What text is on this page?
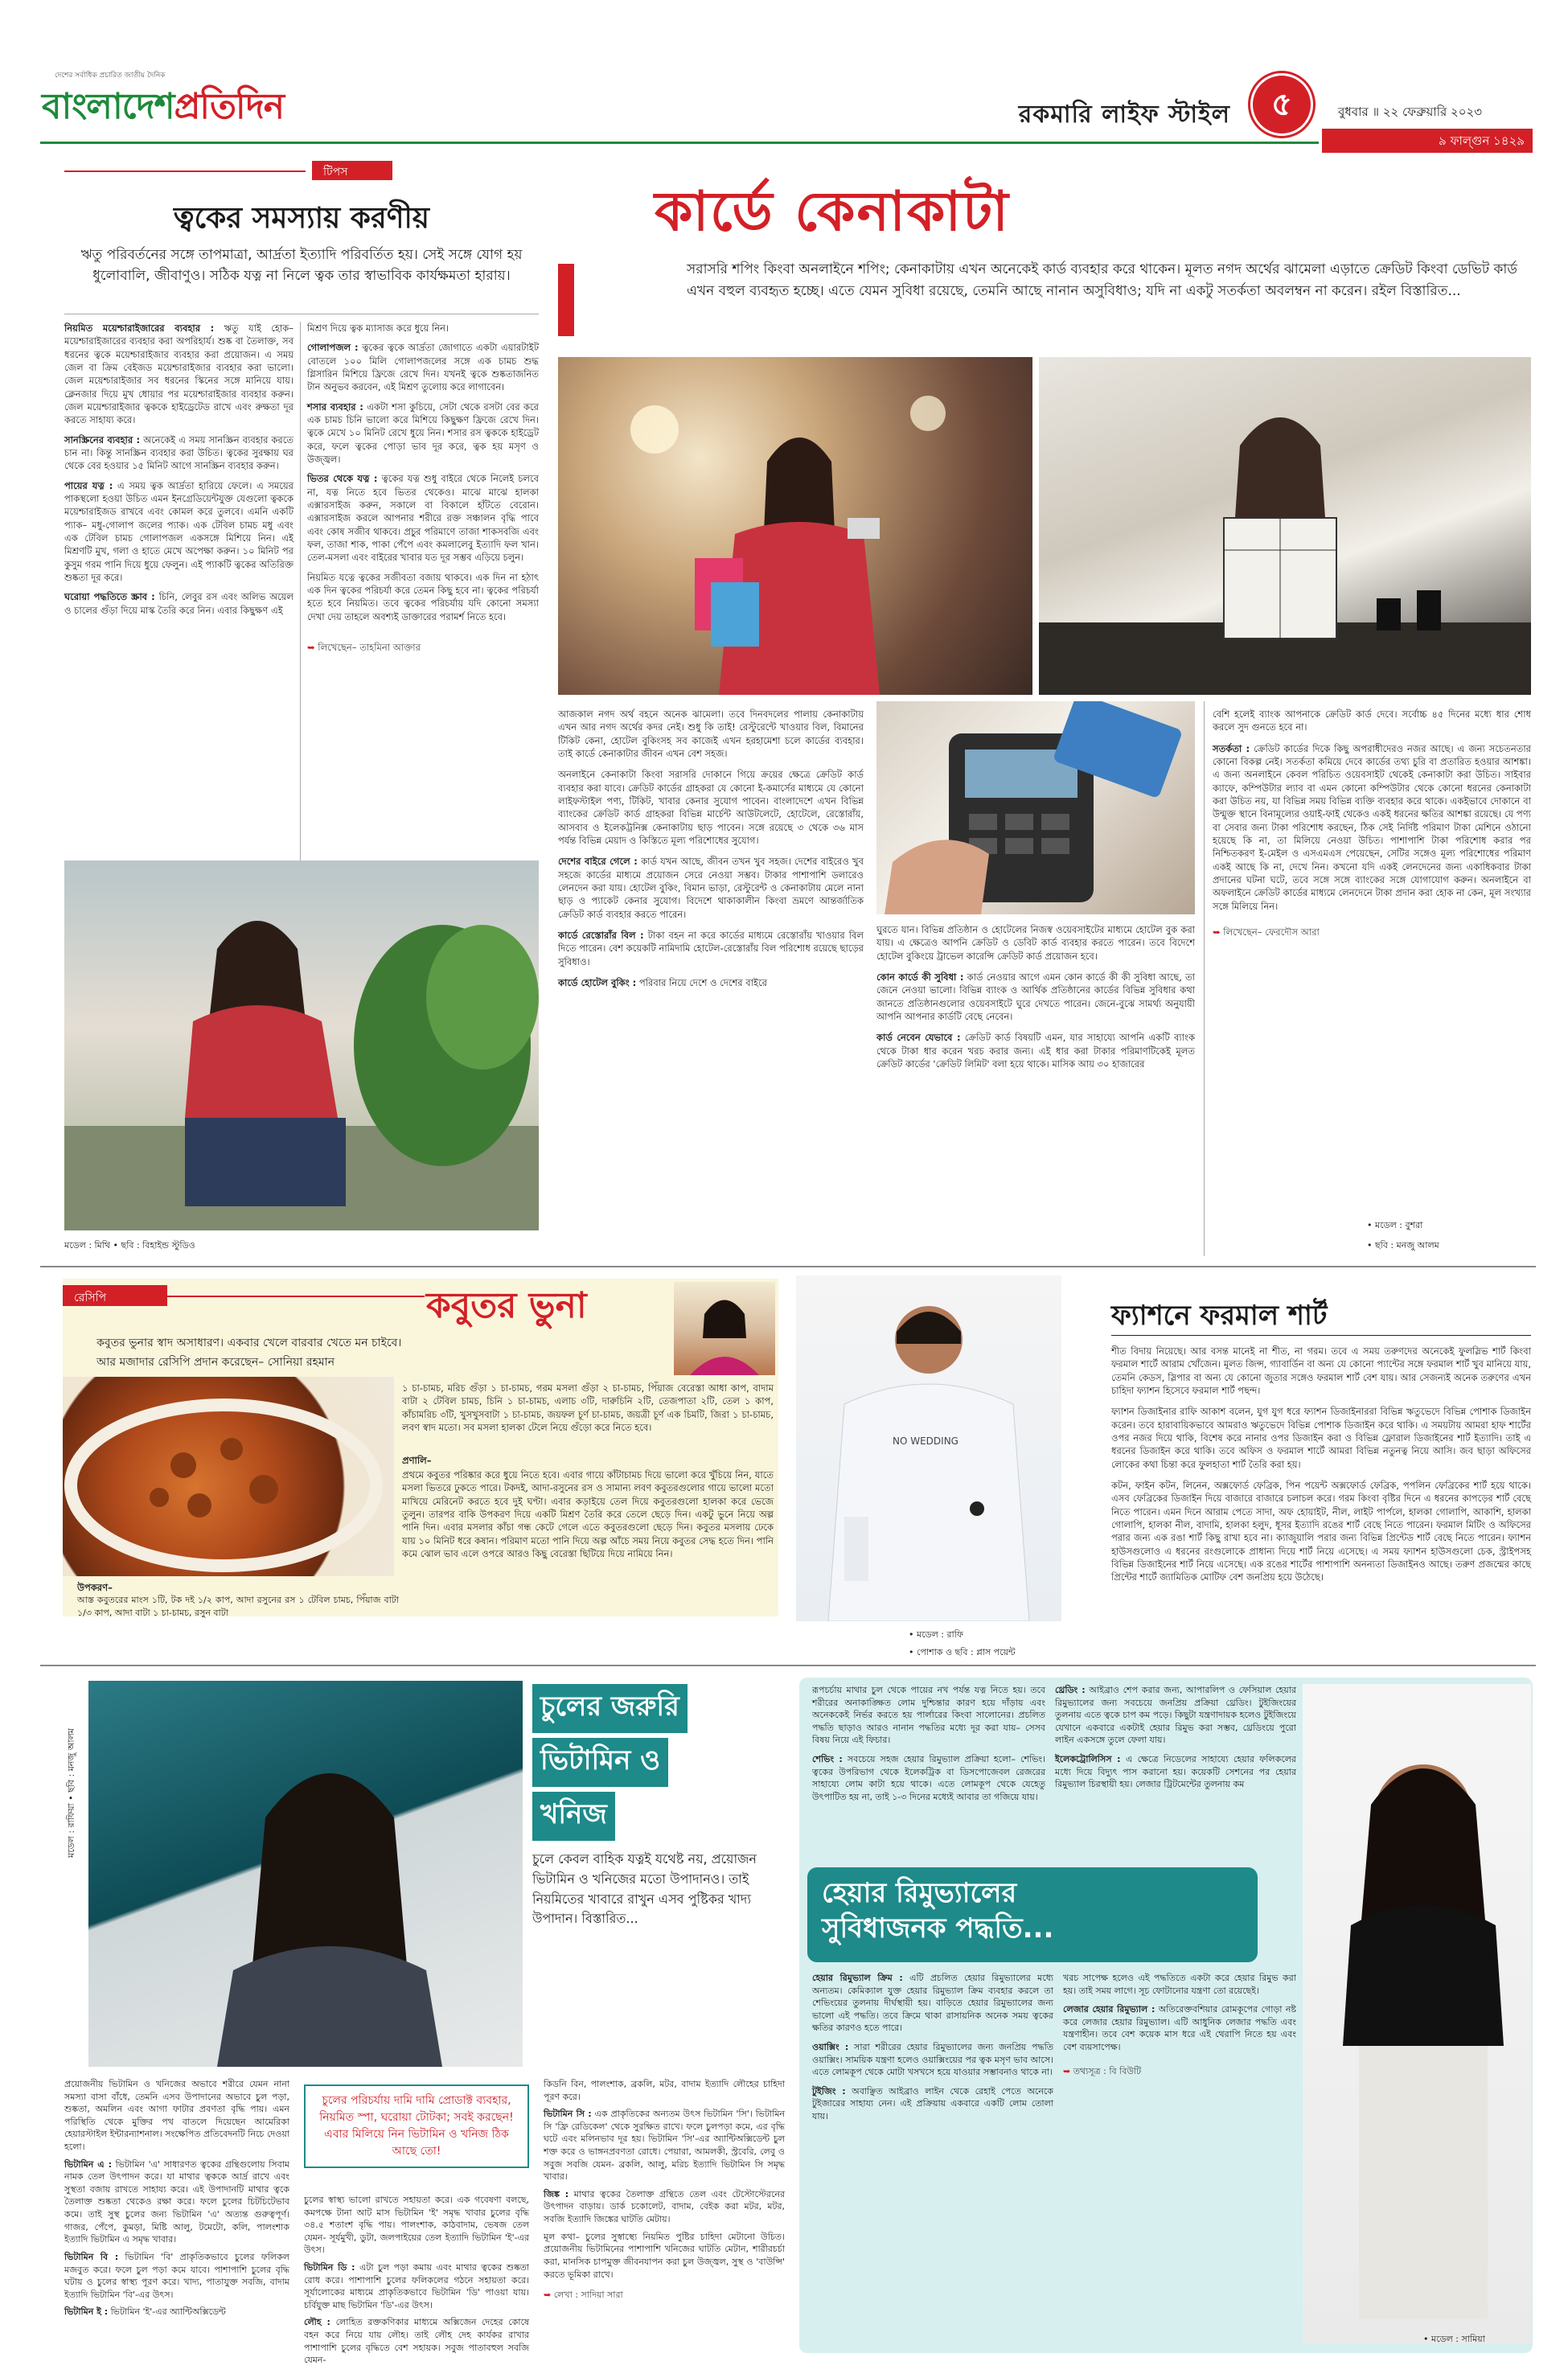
দেশের সর্বাধিক প্রচারিত জাতীয় দৈনিক
বাংলাদেশপ্রতিদিন	রকমারি লাইফ স্টাইল	৫	বুধবার ॥ ২২ ফেব্রুয়ারি ২০২৩
৯ ফাল্গুন ১৪২৯
টিপস
ত্বকের সমস্যায় করণীয়
ঋতু পরিবর্তনের সঙ্গে তাপমাত্রা, আর্দ্রতা ইত্যাদি পরিবর্তিত হয়। সেই সঙ্গে যোগ হয় ধুলোবালি, জীবাণুও। সঠিক যত্ন না নিলে ত্বক তার স্বাভাবিক কার্যক্ষমতা হারায়।

নিয়মিত ময়েশ্চারাইজারের ব্যবহার : ঋতু যাই হোক– ময়েশ্চারাইজারের ব্যবহার করা অপরিহার্য। শুষ্ক বা তৈলাক্ত, সব ধরনের ত্বকে ময়েশ্চারাইজার ব্যবহার করা প্রয়োজন। এ সময় জেল বা ক্রিম বেইজড ময়েশ্চারাইজার ব্যবহার করা ভালো। জেল ময়েশ্চারাইজার সব ধরনের স্কিনের সঙ্গে মানিয়ে যায়। ক্লেনজার দিয়ে মুখ ধোয়ার পর ময়েশ্চারাইজার ব্যবহার করুন। জেল ময়েশ্চারাইজার ত্বককে হাইড্রেটেড রাখে এবং রুক্ষতা দূর করতে সাহায্য করে।

সানস্ক্রিনের ব্যবহার : অনেকেই এ সময় সানস্ক্রিন ব্যবহার করতে চান না। কিন্তু সানস্ক্রিন ব্যবহার করা উচিত। ত্বকের সুরক্ষায় ঘর থেকে বের হওয়ার ১৫ মিনিট আগে সানস্ক্রিন ব্যবহার করুন।

পায়ের যত্ন : এ সময় ত্বক আর্দ্রতা হারিয়ে ফেলে। এ সময়ের পাকস্থলো হওয়া উচিত এমন ইনগ্রেডিয়েন্টযুক্ত যেগুলো ত্বককে ময়েশ্চারাইজড রাখবে এবং কোমল করে তুলবে। এমনি একটি প্যাক– মধু-গোলাপ জলের প্যাক। এক টেবিল চামচ মধু এবং এক টেবিল চামচ গোলাপজল একসঙ্গে মিশিয়ে নিন। এই মিশ্রণটি মুখ, গলা ও হাতে মেখে অপেক্ষা করুন। ১০ মিনিট পর কুসুম গরম পানি দিয়ে ধুয়ে ফেলুন। এই প্যাকটি ত্বকের অতিরিক্ত শুষ্কতা দূর করে।

ঘরোয়া পদ্ধতিতে স্ক্রাব : চিনি, লেবুর রস এবং অলিভ অয়েল ও চালের গুঁড়া দিয়ে মাস্ক তৈরি করে নিন। এবার কিছুক্ষণ এই

মিশ্রণ দিয়ে ত্বক ম্যাসাজ করে ধুয়ে নিন।

গোলাপজল : ত্বকের ত্বকে আর্দ্রতা জোগাতে একটা এয়ারটাইট বোতলে ১০০ মিলি গোলাপজলের সঙ্গে এক চামচ শুদ্ধ গ্লিসারিন মিশিয়ে ফ্রিজে রেখে দিন। যখনই ত্বকে শুষ্কতাজনিত টান অনুভব করবেন, এই মিশ্রণ তুলোয় করে লাগাবেন।

শসার ব্যবহার : একটা শসা কুচিয়ে, সেটা থেকে রসটা বের করে এক চামচ চিনি ভালো করে মিশিয়ে কিছুক্ষণ ফ্রিজে রেখে দিন। ত্বকে মেখে ১০ মিনিট রেখে ধুয়ে নিন। শসার রস ত্বককে হাইড্রেট করে, ফলে ত্বকের পোড়া ভাব দূর করে, ত্বক হয় মসৃণ ও উজ্জ্বল।

ভিতর থেকে যত্ন : ত্বকের যত্ন শুধু বাইরে থেকে নিলেই চলবে না, যত্ন নিতে হবে ভিতর থেকেও। মাঝে মাঝে হালকা এক্সারসাইজ করুন, সকালে বা বিকালে হাঁটতে বেরোন। এক্সারসাইজ করলে আপনার শরীরে রক্ত সঞ্চালন বৃদ্ধি পাবে এবং কোষ সজীব থাকবে। প্রচুর পরিমাণে তাজা শাকসবজি এবং ফল, তাজা শাক, পাকা পেঁপে এবং কমলালেবু ইত্যাদি ফল খান। তেল-মসলা এবং বাইরের খাবার যত দূর সম্ভব এড়িয়ে চলুন।

নিয়মিত যত্নে ত্বকের সজীবতা বজায় থাকবে। এক দিন না হঠাৎ এক দিন ত্বকের পরিচর্যা করে তেমন কিছু হবে না। ত্বকের পরিচর্যা হতে হবে নিয়মিত। তবে ত্বকের পরিচর্যায় যদি কোনো সমস্যা দেখা দেয় তাহলে অবশ্যই ডাক্তারের পরামর্শ নিতে হবে।

➥ লিখেছেন– তাহমিনা আক্তার

মডেল : মিথি • ছবি : বিহাইন্ড স্টুডিও
কার্ডে কেনাকাটা
সরাসরি শপিং কিংবা অনলাইনে শপিং; কেনাকাটায় এখন অনেকেই কার্ড ব্যবহার করে থাকেন। মূলত নগদ অর্থের ঝামেলা এড়াতে ক্রেডিট কিংবা ডেভিট কার্ড এখন বহুল ব্যবহৃত হচ্ছে। এতে যেমন সুবিধা রয়েছে, তেমনি আছে নানান অসুবিধাও; যদি না একটু সতর্কতা অবলম্বন না করেন। রইল বিস্তারিত...

আজকাল নগদ অর্থ বহনে অনেক ঝামেলা। তবে দিনবদলের পালায় কেনাকাটায় এখন আর নগদ অর্থের কদর নেই। শুধু কি তাই! রেস্টুরেন্টে খাওয়ার বিল, বিমানের টিকিট কেনা, হোটেল বুকিংসহ সব কাজেই এখন হরহামেশা চলে কার্ডের ব্যবহার। তাই কার্ডে কেনাকাটার জীবন এখন বেশ সহজ।

অনলাইনে কেনাকাটা কিংবা সরাসরি দোকানে গিয়ে ক্রয়ের ক্ষেত্রে ক্রেডিট কার্ড ব্যবহার করা যাবে। ক্রেডিট কার্ডের গ্রাহকরা যে কোনো ই-কমার্সের মাধ্যমে যে কোনো লাইফস্টাইল পণ্য, টিকিট, খাবার কেনার সুযোগ পাবেন। বাংলাদেশে এখন বিভিন্ন ব্যাংকের ক্রেডিট কার্ড গ্রাহকরা বিভিন্ন মার্চেন্ট আউটলেটে, হোটেলে, রেস্তোরাঁয়, আসবাব ও ইলেকট্রনিক্স কেনাকাটায় ছাড় পাবেন। সঙ্গে রয়েছে ৩ থেকে ৩৬ মাস পর্যন্ত বিভিন্ন মেয়াদ ও কিস্তিতে মূল্য পরিশোধের সুযোগ।

দেশের বাইরে গেলে : কার্ড যখন আছে, জীবন তখন খুব সহজ। দেশের বাইরেও খুব সহজে কার্ডের মাধ্যমে প্রয়োজন সেরে নেওয়া সম্ভব। টাকার পাশাপাশি ডলারেও লেনদেন করা যায়। হোটেল বুকিং, বিমান ভাড়া, রেস্টুরেন্ট ও কেনাকাটায় মেলে নানা ছাড় ও প্যাকেট কেনার সুযোগ। বিদেশে থাকাকালীন কিংবা ভ্রমণে আন্তর্জাতিক ক্রেডিট কার্ড ব্যবহার করতে পারেন।

কার্ডে রেস্তোরাঁর বিল : টাকা বহন না করে কার্ডের মাধ্যমে রেস্তোরাঁয় খাওয়ার বিল দিতে পারেন। বেশ কয়েকটি নামিদামি হোটেল-রেস্তোরাঁয় বিল পরিশোধ রয়েছে ছাড়ের সুবিধাও।

কার্ডে হোটেল বুকিং : পরিবার নিয়ে দেশে ও দেশের বাইরে

ঘুরতে যান। বিভিন্ন প্রতিষ্ঠান ও হোটেলের নিজস্ব ওয়েবসাইটের মাধ্যমে হোটেল বুক করা যায়। এ ক্ষেত্রেও আপনি ক্রেডিট ও ডেবিট কার্ড ব্যবহার করতে পারেন। তবে বিদেশে হোটেল বুকিংয়ে ট্রাভেল কারেন্সি ক্রেডিট কার্ড প্রয়োজন হবে।

কোন কার্ডে কী সুবিধা : কার্ড নেওয়ার আগে এমন কোন কার্ডে কী কী সুবিধা আছে, তা জেনে নেওয়া ভালো। বিভিন্ন ব্যাংক ও আর্থিক প্রতিষ্ঠানের কার্ডের বিভিন্ন সুবিধার কথা জানতে প্রতিষ্ঠানগুলোর ওয়েবসাইটে ঘুরে দেখতে পারেন। জেনে-বুঝে সামর্থ্য অনুযায়ী আপনি আপনার কার্ডটি বেছে নেবেন।

কার্ড নেবেন যেভাবে : ক্রেডিট কার্ড বিষয়টি এমন, যার সাহায্যে আপনি একটি ব্যাংক থেকে টাকা ধার করেন খরচ করার জন্য। এই ধার করা টাকার পরিমাণটিকেই মূলত ক্রেডিট কার্ডের 'ক্রেডিট লিমিট' বলা হয়ে থাকে। মাসিক আয় ৩০ হাজারের

বেশি হলেই ব্যাংক আপনাকে ক্রেডিট কার্ড দেবে। সর্বোচ্চ ৪৫ দিনের মধ্যে ধার শোধ করলে সুদ গুনতে হবে না।

সতর্কতা : ক্রেডিট কার্ডের দিকে কিছু অপরাধীদেরও নজর আছে। এ জন্য সচেতনতার কোনো বিকল্প নেই। সতর্কতা কমিয়ে দেবে কার্ডের তথ্য চুরি বা প্রতারিত হওয়ার আশঙ্কা। এ জন্য অনলাইনে কেবল পরিচিত ওয়েবসাইট থেকেই কেনাকাটা করা উচিত। সাইবার ক্যাফে, কম্পিউটার ল্যাব বা এমন কোনো কম্পিউটার থেকে কোনো ধরনের কেনাকাটা করা উচিত নয়, যা বিভিন্ন সময় বিভিন্ন ব্যক্তি ব্যবহার করে থাকে। একইভাবে দোকানে বা উন্মুক্ত স্থানে বিনামূল্যের ওয়াই-ফাই থেকেও একই ধরনের ক্ষতির আশঙ্কা রয়েছে। যে পণ্য বা সেবার জন্য টাকা পরিশোধ করছেন, ঠিক সেই নির্দিষ্ট পরিমাণ টাকা মেশিনে ওঠানো হয়েছে কি না, তা মিলিয়ে নেওয়া উচিত। পাশাপাশি টাকা পরিশোধ করার পর নিশ্চিতকরণ ই-মেইল ও এসএমএস পেয়েছেন, সেটির সঙ্গেও মূল্য পরিশোধের পরিমাণ একই আছে কি না, দেখে নিন। কখনো যদি একই লেনদেনের জন্য একাধিকবার টাকা প্রদানের ঘটনা ঘটে, তবে সঙ্গে সঙ্গে ব্যাংকের সঙ্গে যোগাযোগ করুন। অনলাইনে বা অফলাইনে ক্রেডিট কার্ডের মাধ্যমে লেনদেনে টাকা প্রদান করা হোক না কেন, মূল সংখ্যার সঙ্গে মিলিয়ে নিন।

➥ লিখেছেন– ফেরদৌস আরা

• মডেল : বুশরা
• ছবি : মনজু আলম
রেসিপি	কবুতর ভুনা
কবুতর ভুনার স্বাদ অসাধারণ। একবার খেলে বারবার খেতে মন চাইবে।
আর মজাদার রেসিপি প্রদান করেছেন– সোনিয়া রহমান
১ চা-চামচ, মরিচ গুঁড়া ১ চা-চামচ, গরম মসলা গুঁড়া ২ চা-চামচ, পিঁয়াজ বেরেস্তা আধা কাপ, বাদাম বাটা ২ টেবিল চামচ, চিনি ১ চা-চামচ, এলাচ ৩টি, দারুচিনি ২টি, তেজপাতা ২টি, তেল ১ কাপ, কাঁচামরিচ ৩টি, খুসখুসবাটা ১ চা-চামচ, জয়ফল চূর্ণ চা-চামচ, জয়ত্রী চূর্ণ এক চিমটি, জিরা ১ চা-চামচ, লবণ স্বাদ মতো। সব মসলা হালকা টেলে নিয়ে গুঁড়ো করে নিতে হবে।
প্রণালি–
প্রথমে কবুতর পরিষ্কার করে ধুয়ে নিতে হবে। এবার গায়ে কাঁটাচামচ দিয়ে ভালো করে খুঁচিয়ে নিন, যাতে মসলা ভিতরে ঢুকতে পারে। টকদই, আদা-রসুনের রস ও সামান্য লবণ কবুতরগুলোর গায়ে ভালো মতো মাখিয়ে মেরিনেট করতে হবে দুই ঘণ্টা। এবার কড়াইয়ে তেল দিয়ে কবুতরগুলো হালকা করে ভেজে তুলুন। তারপর বাকি উপকরণ দিয়ে একটি মিশ্রণ তৈরি করে তেলে ছেড়ে দিন। একটু ভুনে নিয়ে অল্প পানি দিন। এবার মসলার কাঁচা গন্ধ কেটে গেলে এতে কবুতরগুলো ছেড়ে দিন। কবুতর মসলায় ঢেকে যায় ১০ মিনিট ধরে কষান। পরিমাণ মতো পানি দিয়ে অল্প আঁচে সময় নিয়ে কবুতর সেদ্ধ হতে দিন। পানি কমে ঝোল ভাব এলে ওপরে আরও কিছু বেরেস্তা ছিটিয়ে দিয়ে নামিয়ে নিন।
উপকরণ–
আস্ত কবুতরের মাংস ১টি, টক দই ১/২ কাপ, আদা রসুনের রস ১ টেবিল চামচ, পিঁয়াজ বাটা ১/৩ কাপ, আদা বাটা ১ চা-চামচ, রসুন বাটা
NO WEDDING
• মডেল : রাফি
• পোশাক ও ছবি : প্লাস পয়েন্ট
ফ্যাশনে ফরমাল শার্ট

শীত বিদায় নিয়েছে। আর বসন্ত মানেই না শীত, না গরম। তবে এ সময় তরুণদের অনেকেই ফুলস্লিভ শার্ট কিংবা ফরমাল শার্টে আরাম খোঁজেন। মূলত জিন্স, গ্যাবার্ডিন বা অন্য যে কোনো প্যান্টের সঙ্গে ফরমাল শার্ট খুব মানিয়ে যায়, তেমনি কেডস, স্লিপার বা অন্য যে কোনো জুতার সঙ্গেও ফরমাল শার্ট বেশ যায়। আর সেজন্যই অনেক তরুণের এখন চাহিদা ফ্যাশন হিসেবে ফরমাল শার্ট পছন্দ।

ফ্যাশন ডিজাইনার রাফি আকাশ বলেন, যুগ যুগ ধরে ফ্যাশন ডিজাইনাররা বিভিন্ন ঋতুভেদে বিভিন্ন পোশাক ডিজাইন করেন। তবে হারাবায়িকভাবে আমরাও ঋতুভেদে বিভিন্ন পোশাক ডিজাইন করে থাকি। এ সময়টায় আমরা হাফ শার্টের ওপর নজর দিয়ে থাকি, বিশেষ করে নানার ওপর ডিজাইন করা ও বিভিন্ন ফ্লোরাল ডিজাইনের শার্ট ইত্যাদি। তাই এ ধরনের ডিজাইন করে থাকি। তবে অফিস ও ফরমাল শার্টে আমরা বিভিন্ন নতুনত্ব নিয়ে আসি। জব ছাড়া অফিসের লোকের কথা চিন্তা করে ফুলহাতা শার্ট তৈরি করা হয়।

কটন, ফাইন কটন, লিনেন, অক্সফোর্ড ফেব্রিক, পিন পয়েন্ট অক্সফোর্ড ফেব্রিক, পপলিন ফেব্রিকের শার্ট হয়ে থাকে। এসব ফেব্রিকের ডিজাইন দিয়ে বাজারে বাজারে চলাচল করে। গরম কিংবা বৃষ্টির দিনে এ ধরনের কাপড়ের শার্ট বেছে নিতে পারেন। এমন দিনে আরাম পেতে সাদা, অফ হোয়াইট, নীল, লাইট পার্পলে, হালকা গোলাপি, আকাশি, হালকা গোলাপি, হালকা নীল, বাদামি, হালকা হলুদ, ধূসর ইত্যাদি রঙের শার্ট বেছে নিতে পারেন। ফরমাল মিটিং ও অফিসের পরার জন্য এক রঙা শার্ট কিছু রাখা হবে না। ক্যাজুয়ালি পরার জন্য বিভিন্ন প্রিন্টেড শার্ট বেছে নিতে পারেন। ফ্যাশন হাউসগুলোও এ ধরনের রংগুলোকে প্রাধান্য দিয়ে শার্ট নিয়ে এসেছে। এ সময় ফ্যাশন হাউসগুলো চেক, স্ট্রাইপসহ বিভিন্ন ডিজাইনের শার্ট নিয়ে এসেছে। এক রঙের শার্টের পাশাপাশি অনন্যতা ডিজাইনও আছে। তরুণ প্রজন্মের কাছে প্রিন্টের শার্টে জ্যামিতিক মোটিফ বেশ জনপ্রিয় হয়ে উঠেছে।

মডেল : রাফিয়া • ছবি : মনজু আলম
চুলের জরুরি
ভিটামিন ও
খনিজ
চুলে কেবল বাহিক যত্নই যথেষ্ট নয়, প্রয়োজন ভিটামিন ও খনিজের মতো উপাদানও। তাই নিয়মিতের খাবারে রাখুন এসব পুষ্টিকর খাদ্য উপাদান। বিস্তারিত...

প্রয়োজনীয় ভিটামিন ও খনিজের অভাবে শরীরে যেমন নানা সমস্যা বাসা বাঁধে, তেমনি এসব উপাদানের অভাবে চুল পড়া, শুষ্কতা, অমলিন এবং আগা ফাটার প্রবণতা বৃদ্ধি পায়। এমন পরিস্থিতি থেকে মুক্তির পথ বাতলে দিয়েছেন আমেরিকা হেয়ারস্টাইল ইন্টারন্যাশনাল। সংক্ষেপিত প্রতিবেদনটি নিচে দেওয়া হলো।

ভিটামিন এ : ভিটামিন 'এ' সাধারণত ত্বকের গ্রন্থিগুলোয় সিবাম নামক তেল উৎপাদন করে। যা মাথার ত্বককে আর্দ্র রাখে এবং সুস্থতা বজায় রাখতে সাহায্য করে। এই উপাদানটি মাথার ত্বকে তৈলাক্ত শুষ্কতা থেকেও রক্ষা করে। ফলে চুলের চিটচিটেভাব কমে। তাই সুস্থ চুলের জন্য ভিটামিন 'এ' অত্যন্ত গুরুত্বপূর্ণ। গাজর, পেঁপে, কুমড়া, মিষ্টি আলু, টমেটো, কলি, পালংশাক ইত্যাদি ভিটামিন এ সমৃদ্ধ খাবার।

ভিটামিন বি : ভিটামিন 'বি' প্রাকৃতিকভাবে চুলের ফলিকল মজবুত করে। ফলে চুল পড়া কমে যাবে। পাশাপাশি চুলের বৃদ্ধি ঘটায় ও চুলের স্বাস্থ্য পূরণ করে। খাদ্য, পাতাযুক্ত সবজি, বাদাম ইত্যাদি ভিটামিন 'বি'-এর উৎস।

ভিটামিন ই : ভিটামিন 'ই'-এর অ্যান্টিঅক্সিডেন্ট

চুলের পরিচর্যায় দামি দামি প্রোডাক্ট ব্যবহার, নিয়মিত স্পা, ঘরোয়া টোটকা; সবই করছেন! এবার মিলিয়ে নিন ভিটামিন ও খনিজ ঠিক আছে তো!

চুলের স্বাস্থ্য ভালো রাখতে সহায়তা করে। এক গবেষণা বলছে, কমপক্ষে টানা আট মাস ভিটামিন 'ই' সমৃদ্ধ খাবার চুলের বৃদ্ধি ৩৪.৫ শতাংশ বৃদ্ধি পায়। পালংশাক, কাঠবাদাম, ভেষজ তেল যেমন- সূর্যমুখী, ডুটা, জলপাইয়ের তেল ইত্যাদি ভিটামিন 'ই'-এর উৎস।

ভিটামিন ডি : এটা চুল পড়া কমায় এবং মাথার ত্বকের শুষ্কতা রোধ করে। পাশাপাশি চুলের ফলিকলের গঠনে সহায়তা করে। সূর্যালোকের মাধ্যমে প্রাকৃতিকভাবে ভিটামিন 'ডি' পাওয়া যায়। চর্বিযুক্ত মাছ ভিটামিন 'ডি'-এর উৎস।

লৌহ : লোহিত রক্তকণিকার মাধ্যমে অক্সিজেন দেহের কোষে বহন করে নিয়ে যায় লৌহ। তাই লৌহ দেহ কার্যকর রাখার পাশাপাশি চুলের বৃদ্ধিতে বেশ সহায়ক। সবুজ পাতাবহুল সবজি যেমন-

কিডনি বিন, পালংশাক, ব্রকলি, মটর, বাদাম ইত্যাদি লৌহের চাহিদা পূরণ করে।

ভিটামিন সি : এক প্রাকৃতিকের অন্যতম উৎস ভিটামিন 'সি'। ভিটামিন সি 'ফ্রি রেডিকেল' থেকে সুরক্ষিত রাখে। ফলে চুলপড়া কমে, এর বৃদ্ধি ঘটে এবং মলিনভাব দূর হয়। ভিটামিন 'সি'-এর অ্যান্টিঅক্সিডেন্ট চুল শক্ত করে ও ভাঙ্গনপ্রবণতা রোধে। পেয়ারা, আমলকী, স্ট্রবেরি, লেবু ও সবুজ সবজি যেমন- ব্রকলি, আলু, মরিচ ইত্যাদি ভিটামিন সি সমৃদ্ধ খাবার।

জিঙ্ক : মাথার ত্বকের তৈলাক্ত গ্রন্থিতে তেল এবং টেস্টোস্টেরনের উৎপাদন বাড়ায়। ডার্ক চকোলেট, বাদাম, বেইক করা মটর, মটর, সবজি ইত্যাদি জিঙ্কের ঘাটতি মেটায়।

মূল কথা– চুলের সুস্বাস্থ্যে নিয়মিত পুষ্টির চাহিদা মেটানো উচিত। প্রয়োজনীয় ভিটামিনের পাশাপাশি খনিজের ঘাটতি মেটান, শারীরচর্চা করা, মানসিক চাপমুক্ত জীবনযাপন করা চুল উজ্জ্বল, সুস্থ ও 'বাউন্সি' করতে ভূমিকা রাখে।

➥ লেখা : সাদিয়া সারা

রূপচর্চায় মাথার চুল থেকে পায়ের নখ পর্যন্ত যত্ন নিতে হয়। তবে শরীরের অনাকাঙ্ক্ষিত লোম দুশ্চিন্তার কারণ হয়ে দাঁড়ায় এবং অনেককেই নির্ভর করতে হয় পার্লারের কিংবা সালোনের। প্রচলিত পদ্ধতি ছাড়াও আরও নানান পদ্ধতির মধ্যে দূর করা যায়– সেসব বিষয় নিয়ে এই ফিচার।

শেভিং : সবচেয়ে সহজ হেয়ার রিমুভ্যাল প্রক্রিয়া হলো– শেভিং। ত্বকের উপরিভাগ থেকে ইলেকট্রিক বা ডিসপোজেবল রেজরের সাহায্যে লোম কাটা হয়ে থাকে। এতে লোমকূপ থেকে যেহেতু উৎপাটিত হয় না, তাই ১-৩ দিনের মধ্যেই আবার তা গজিয়ে যায়।

থ্রেডিং : আইব্রাও শেপ করার জন্য, আপারলিপ ও ফেসিয়াল হেয়ার রিমুভ্যালের জন্য সবচেয়ে জনপ্রিয় প্রক্রিয়া থ্রেডিং। টুইজিংয়ের তুলনায় এতে ত্বকে চাপ কম পড়ে। কিছুটা যন্ত্রণাদায়ক হলেও টুইজিংয়ে যেখানে একবারে একটাই হেয়ার রিমুভ করা সম্ভব, থ্রেডিংয়ে পুরো লাইন একসঙ্গে তুলে ফেলা যায়।

ইলেকট্রোলিসিস : এ ক্ষেত্রে নিডেলের সাহায্যে হেয়ার ফলিকলের মধ্যে দিয়ে বিদ্যুৎ পাস করানো হয়। কয়েকটি সেশনের পর হেয়ার রিমুভ্যাল চিরস্থায়ী হয়। লেজার ট্রিটমেন্টের তুলনায় কম

• মডেল : সামিয়া
হেয়ার রিমুভ্যালের
সুবিধাজনক পদ্ধতি...

হেয়ার রিমুভ্যাল ক্রিম : এটি প্রচলিত হেয়ার রিমুভ্যালের মধ্যে অন্যতম। কেমিক্যাল যুক্ত হেয়ার রিমুভ্যাল ক্রিম ব্যবহার করলে তা শেভিংয়ের তুলনায় দীর্ঘস্থায়ী হয়। বাড়িতে হেয়ার রিমুভ্যালের জন্য ভালো এই পদ্ধতি। তবে ক্রিমে থাকা রাসায়নিক অনেক সময় ত্বকের ক্ষতির কারণও হতে পারে।

ওয়াক্সিং : সারা শরীরের হেয়ার রিমুভ্যালের জন্য জনপ্রিয় পদ্ধতি ওয়াক্সিং। সাময়িক যন্ত্রণা হলেও ওয়াক্সিংয়ের পর ত্বক মসৃণ ভাব আসে। এতে লোমকূপ থেকে মোটা খসখসে হয়ে যাওয়ার সম্ভাবনাও থাকে না।

টুইজিং : অবাঞ্ছিত আইব্রাও লাইন থেকে রেহাই পেতে অনেকে টুইজারের সাহায্য নেন। এই প্রক্রিয়ায় একবারে একটি লোম তোলা যায়।

খরচ সাপেক্ষ হলেও এই পদ্ধতিতে একটা করে হেয়ার রিমুভ করা হয়। তাই সময় লাগে। সূচ ফোটানোর যন্ত্রণা তো রয়েছেই।

লেজার হেয়ার রিমুভ্যাল : অতিরেক্তবশিয়ার রোমকূপের গোড়া নষ্ট করে লেজার হেয়ার রিমুভ্যাল। এটি আধুনিক লেজার পদ্ধতি এবং যন্ত্রণাহীন। তবে বেশ কয়েক মাস ধরে এই থেরাপি নিতে হয় এবং বেশ ব্যয়সাপেক্ষ।

➥ তথ্যসূত্র : বি বিউটি
